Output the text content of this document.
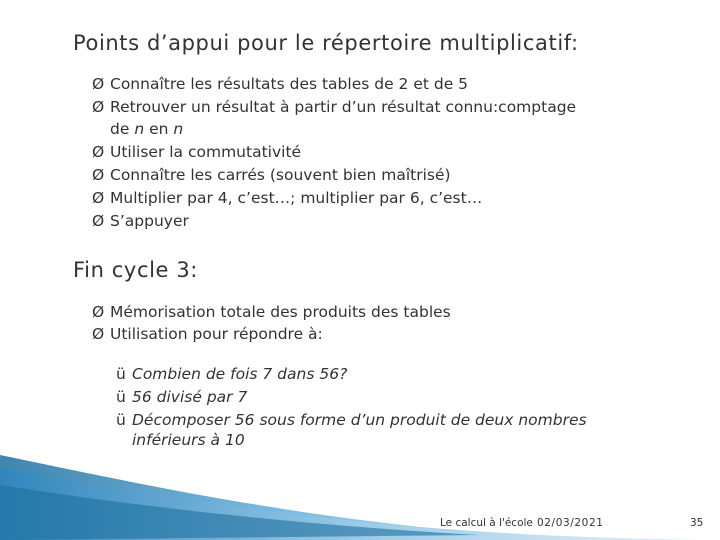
Points d’appui pour le répertoire multiplicatif:
Ø Connaître les résultats des tables de 2 et de 5
Ø Retrouver un résultat à partir d’un résultat connu:comptage
de n en n
Ø Utiliser la commutativité
Ø Connaître les carrés (souvent bien maîtrisé)
Ø Multiplier par 4, c’est…; multiplier par 6, c’est…
Ø S’appuyer
Fin cycle 3:
Ø Mémorisation totale des produits des tables
Ø Utilisation pour répondre à:
ü Combien de fois 7 dans 56?
ü 56 divisé par 7
ü Décomposer 56 sous forme d’un produit de deux nombres
inférieurs à 10
Le calcul à l'école 02/03/2021	35
